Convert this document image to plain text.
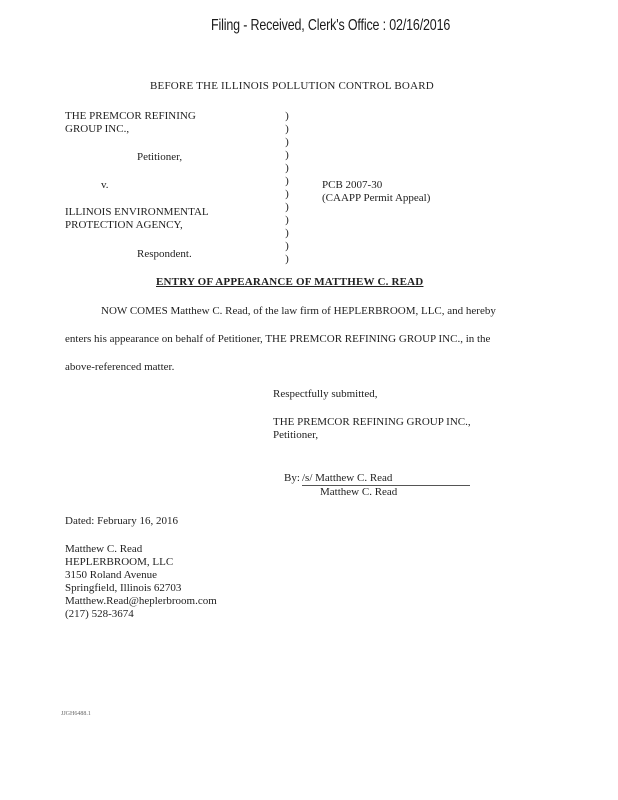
Filing - Received, Clerk's Office : 02/16/2016
BEFORE THE ILLINOIS POLLUTION CONTROL BOARD
THE PREMCOR REFINING
GROUP INC.,
Petitioner,
v.
ILLINOIS ENVIRONMENTAL
PROTECTION AGENCY,
Respondent.
)
)
)
)
)
)
)
)
)
)
)
)
PCB 2007-30
(CAAPP Permit Appeal)
ENTRY OF APPEARANCE OF MATTHEW C. READ
NOW COMES Matthew C. Read, of the law firm of HEPLERBROOM, LLC, and hereby
enters his appearance on behalf of Petitioner, THE PREMCOR REFINING GROUP INC., in the
above-referenced matter.
Respectfully submitted,
THE PREMCOR REFINING GROUP INC.,
Petitioner,
By: /s/ Matthew C. Read
Matthew C. Read
Dated: February 16, 2016
Matthew C. Read
HEPLERBROOM, LLC
3150 Roland Avenue
Springfield, Illinois 62703
Matthew.Read@heplerbroom.com
(217) 528-3674
JJGH6488.1
